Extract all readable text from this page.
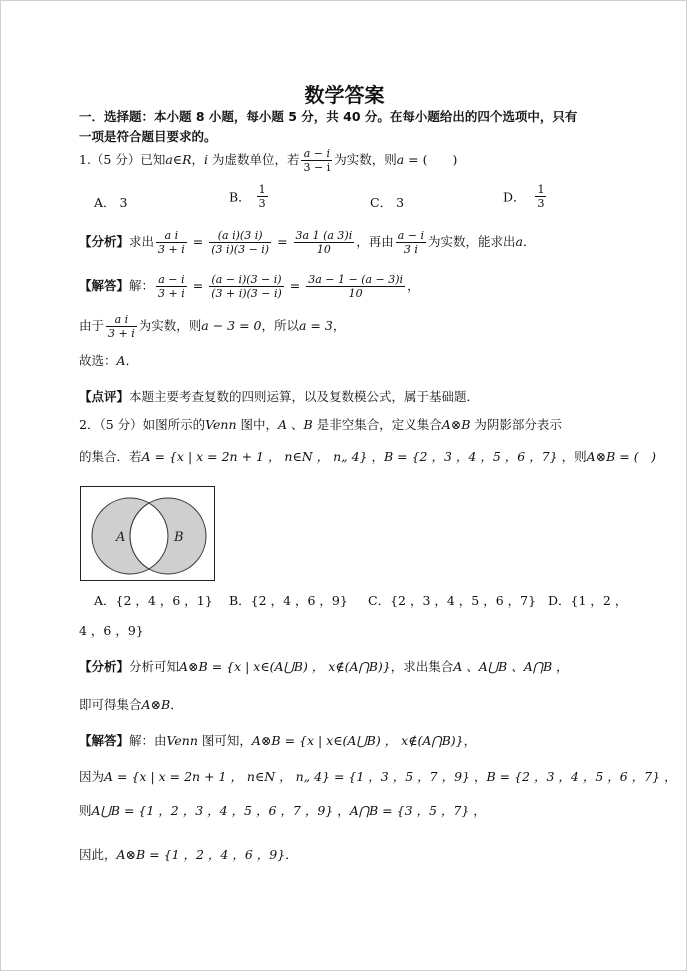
数学答案
一．选择题：本小题 8 小题，每小题 5 分，共 40 分。在每小题给出的四个选项中，只有
一项是符合题目要求的。
1.（5 分）已知a∈R，i 为虚数单位，若 $\frac{a - i}{3 - i}$ 为实数，则a = (　　)
A． 3	B． $\frac{1}{3}$	C． 3	D． $\frac{1}{3}$
【分析】求出 $\frac{\text{a i}}{3 + i} = \frac{\text{(a i)(3 i)}}{(3 i)(3 - i)} = \frac{3a 1 (a 3)i}{10}$ ，再由 $\frac{a - i}{3 i}$ 为实数，能求出a．
【解答】解： $\frac{a - i}{3 + i} = \frac{(a - i)(3 - i)}{(3 + i)(3 - i)} = \frac{3a - 1 - (a - 3)i}{10}$ ，
由于 $\frac{\text{a i}}{3 + i}$ 为实数，则a − 3 = 0，所以a = 3，
故选：A．
【点评】本题主要考查复数的四则运算，以及复数模公式，属于基础题．
2．（5 分）如图所示的Venn 图中，A 、B 是非空集合，定义集合A⊗B 为阴影部分表示
的集合．若A = {x | x = 2n + 1 ， n∈N ， n„ 4} ，B = {2 ，3 ，4 ，5 ，6 ，7} ，则A⊗B = (　)
A	B
A．{2 ，4 ，6 ，1} B．{2 ，4 ，6 ，9} C．{2 ，3 ，4 ，5 ，6 ，7} D．{1 ，2 ，
4 ，6 ，9}
【分析】分析可知A⊗B = {x | x∈(A⋃B) ， x∉(A⋂B)}，求出集合A 、A⋃B 、A⋂B ，
即可得集合A⊗B．
【解答】解：由Venn 图可知，A⊗B = {x | x∈(A⋃B) ， x∉(A⋂B)}，
因为A = {x | x = 2n + 1 ， n∈N ， n„ 4} = {1 ，3 ，5 ，7 ，9} ，B = {2 ，3 ，4 ，5 ，6 ，7} ，
则A⋃B = {1 ，2 ，3 ，4 ，5 ，6 ，7 ，9} ，A⋂B = {3 ，5 ，7} ，
因此，A⊗B = {1 ，2 ，4 ，6 ，9}．
